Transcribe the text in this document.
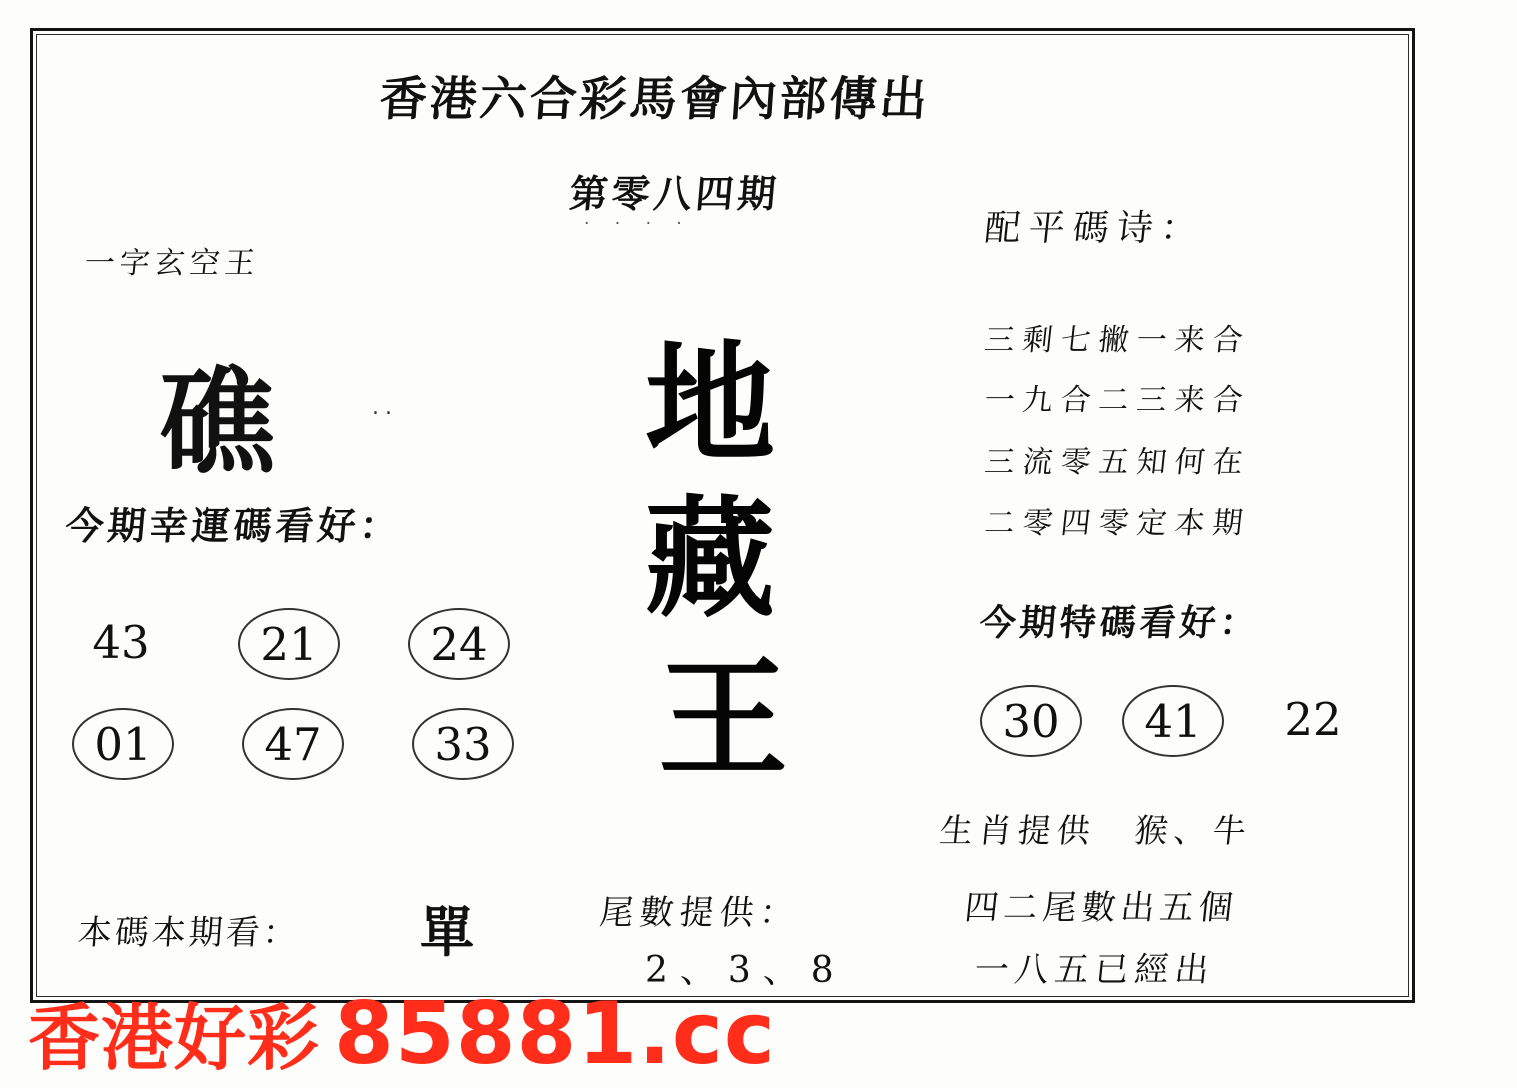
香港六合彩馬會內部傳出
第零八四期
· · · ·
一字玄空王
礁	..
今期幸運碼看好：
43	21	24
01	47	33
地
藏
王
配平碼诗：
三剩七撇一来合
一九合二三来合
三流零五知何在
二零四零定本期
今期特碼看好：
30	41	22
生肖提供　猴、牛
本碼本期看： 單	尾數提供：
2、3、8
四二尾數出五個
一八五已經出
香港好彩 85881.cc
